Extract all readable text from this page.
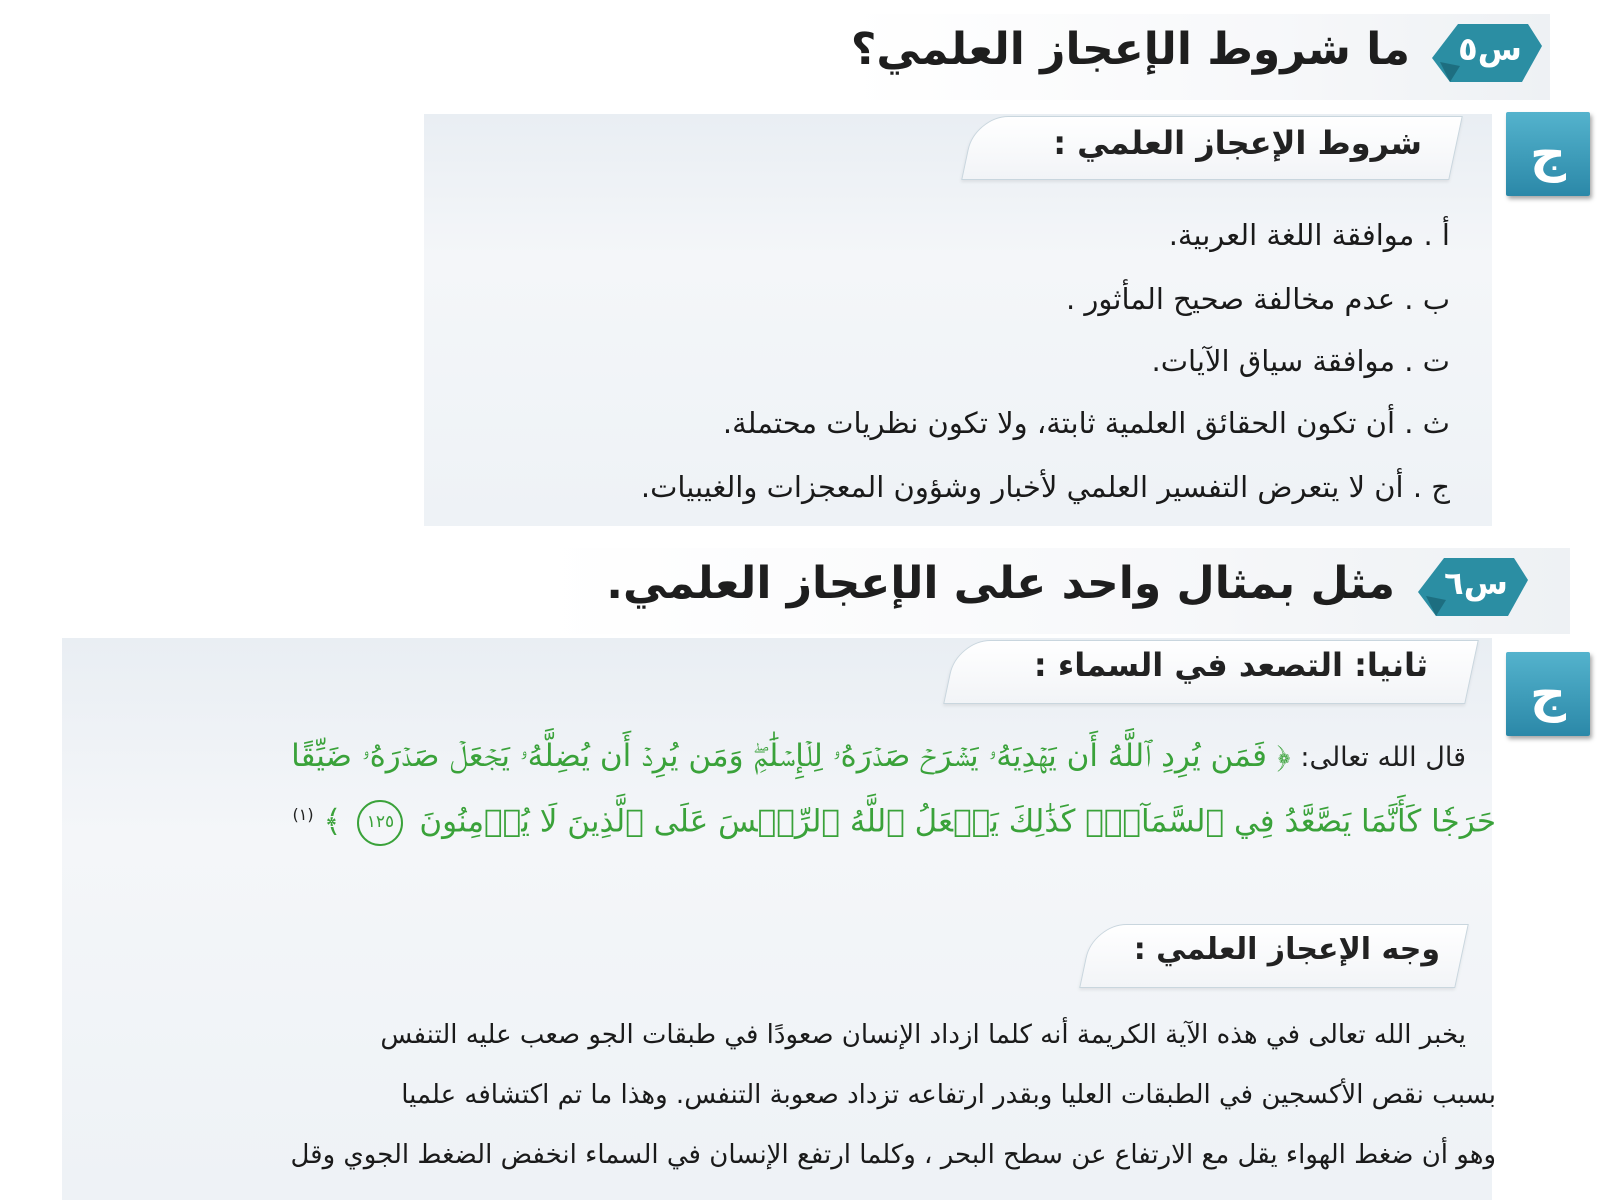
س٥
ما شروط الإعجاز العلمي؟
ج
شروط الإعجاز العلمي :
أ . موافقة اللغة العربية.
ب . عدم مخالفة صحيح المأثور .
ت . موافقة سياق الآيات.
ث . أن تكون الحقائق العلمية ثابتة، ولا تكون نظريات محتملة.
ج . أن لا يتعرض التفسير العلمي لأخبار وشؤون المعجزات والغيبيات.
س٦
مثل بمثال واحد على الإعجاز العلمي.
ج
ثانيا: التصعد في السماء :
قال الله تعالى: ﴿ فَمَن يُرِدِ ٱللَّهُ أَن يَهۡدِيَهُۥ يَشۡرَحۡ صَدۡرَهُۥ لِلۡإِسۡلَٰمِۖ وَمَن يُرِدۡ أَن يُضِلَّهُۥ يَجۡعَلۡ صَدۡرَهُۥ ضَيِّقًا
حَرَجٗا كَأَنَّمَا يَصَّعَّدُ فِي ٱلسَّمَآءِۚ كَذَٰلِكَ يَجۡعَلُ ٱللَّهُ ٱلرِّجۡسَ عَلَى ٱلَّذِينَ لَا يُؤۡمِنُونَ ١٢٥ ﴾ $^{(١)}$
وجه الإعجاز العلمي :
يخبر الله تعالى في هذه الآية الكريمة أنه كلما ازداد الإنسان صعودًا في طبقات الجو صعب عليه التنفس
بسبب نقص الأكسجين في الطبقات العليا وبقدر ارتفاعه تزداد صعوبة التنفس. وهذا ما تم اكتشافه علميا
وهو أن ضغط الهواء يقل مع الارتفاع عن سطح البحر ، وكلما ارتفع الإنسان في السماء انخفض الضغط الجوي وقل
